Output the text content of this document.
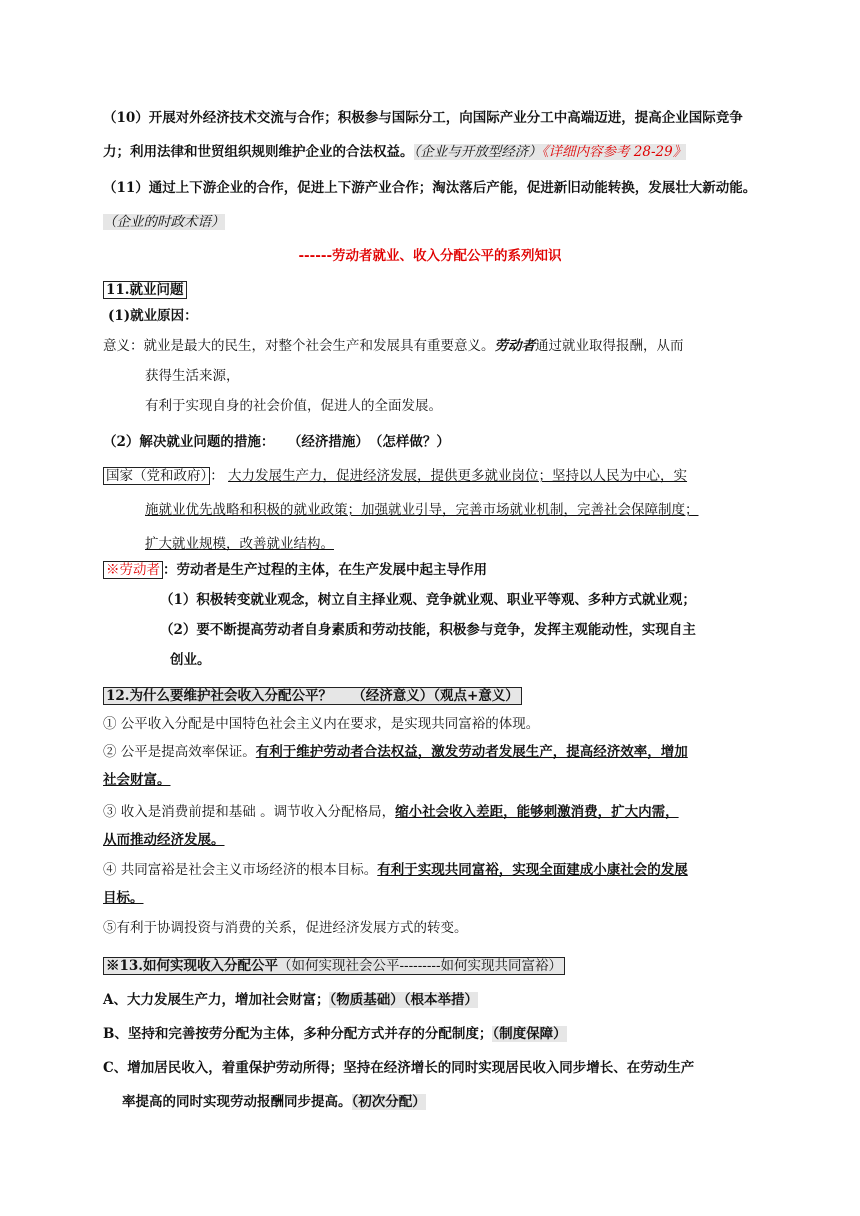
（10）开展对外经济技术交流与合作；积极参与国际分工，向国际产业分工中高端迈进，提高企业国际竞争
力；利用法律和世贸组织规则维护企业的合法权益。（企业与开放型经济）《详细内容参考 28-29》
（11）通过上下游企业的合作，促进上下游产业合作；淘汰落后产能，促进新旧动能转换，发展壮大新动能。
（企业的时政术语）
------劳动者就业、收入分配公平的系列知识
11.就业问题
(1)就业原因：
意义：就业是最大的民生，对整个社会生产和发展具有重要意义。劳动者通过就业取得报酬，从而
获得生活来源，
有利于实现自身的社会价值，促进人的全面发展。
（2）解决就业问题的措施：　　（经济措施）　（怎样做？）
国家（党和政府） ： 大力发展生产力，促进经济发展，提供更多就业岗位；坚持以人民为中心，实
施就业优先战略和积极的就业政策；加强就业引导，完善市场就业机制，完善社会保障制度；
扩大就业规模，改善就业结构。
※劳动者 ：劳动者是生产过程的主体，在生产发展中起主导作用
（1）积极转变就业观念，树立自主择业观、竞争就业观、职业平等观、多种方式就业观；
（2）要不断提高劳动者自身素质和劳动技能，积极参与竞争，发挥主观能动性，实现自主
创业。
12.为什么要维护社会收入分配公平？　　（经济意义）（观点+意义）
① 公平收入分配是中国特色社会主义内在要求，是实现共同富裕的体现。
② 公平是提高效率保证。有利于维护劳动者合法权益，激发劳动者发展生产，提高经济效率，增加
社会财富。
③ 收入是消费前提和基础 。调节收入分配格局，缩小社会收入差距，能够刺激消费，扩大内需，
从而推动经济发展。
④ 共同富裕是社会主义市场经济的根本目标。有利于实现共同富裕，实现全面建成小康社会的发展
目标。
⑤有利于协调投资与消费的关系，促进经济发展方式的转变。
※13.如何实现收入分配公平（如何实现社会公平---------如何实现共同富裕）
A、大力发展生产力，增加社会财富；（物质基础）（根本举措）
B、坚持和完善按劳分配为主体，多种分配方式并存的分配制度；（制度保障）
C、增加居民收入，着重保护劳动所得；坚持在经济增长的同时实现居民收入同步增长、在劳动生产
率提高的同时实现劳动报酬同步提高。（初次分配）
